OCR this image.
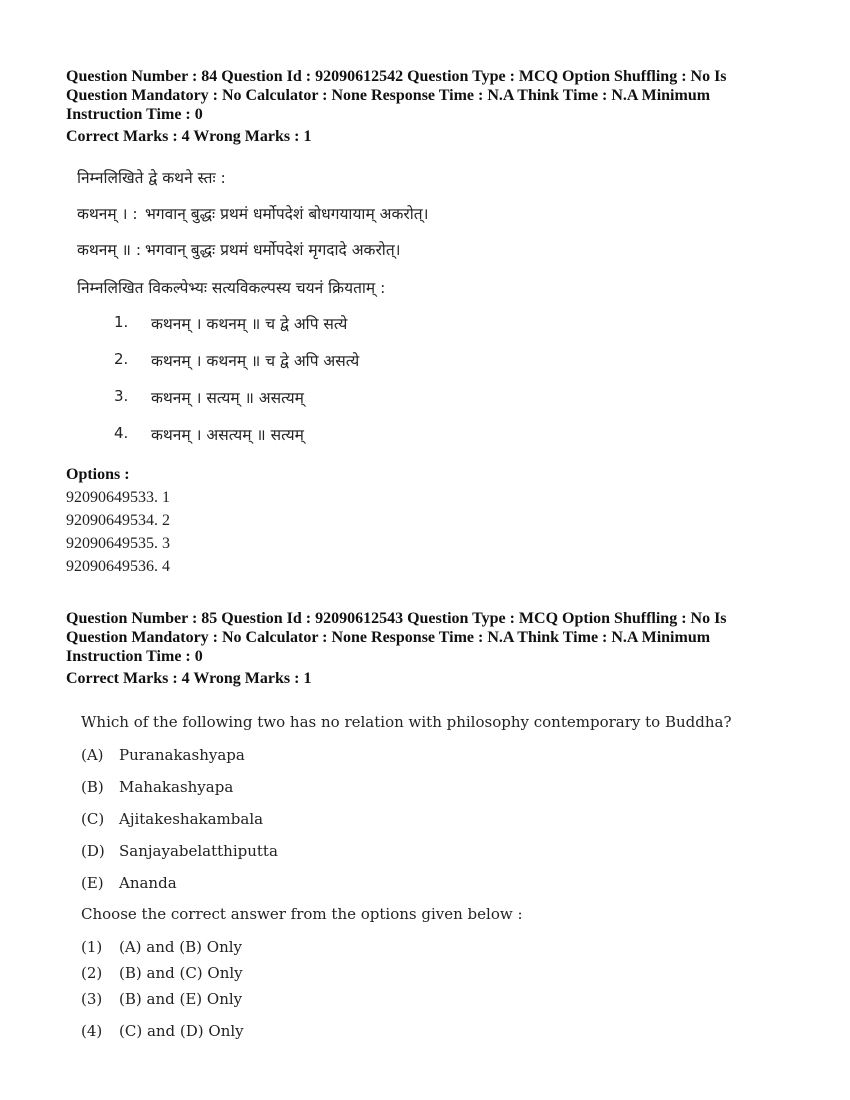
Question Number : 84 Question Id : 92090612542 Question Type : MCQ Option Shuffling : No Is
Question Mandatory : No Calculator : None Response Time : N.A Think Time : N.A Minimum
Instruction Time : 0
Correct Marks : 4 Wrong Marks : 1
निम्नलिखिते द्वे कथने स्तः :
कथनम् । : भगवान् बुद्धः प्रथमं धर्मोपदेशं बोधगयायाम् अकरोत्।
कथनम् ॥ : भगवान् बुद्धः प्रथमं धर्मोपदेशं मृगदादे अकरोत्।
निम्नलिखित विकल्पेभ्यः सत्यविकल्पस्य चयनं क्रियताम् :
1. कथनम् । कथनम् ॥ च द्वे अपि सत्ये
2. कथनम् । कथनम् ॥ च द्वे अपि असत्ये
3. कथनम् । सत्यम् ॥ असत्यम्
4. कथनम् । असत्यम् ॥ सत्यम्
Options :
92090649533. 1
92090649534. 2
92090649535. 3
92090649536. 4
Question Number : 85 Question Id : 92090612543 Question Type : MCQ Option Shuffling : No Is
Question Mandatory : No Calculator : None Response Time : N.A Think Time : N.A Minimum
Instruction Time : 0
Correct Marks : 4 Wrong Marks : 1
Which of the following two has no relation with philosophy contemporary to Buddha?
(A) Puranakashyapa
(B) Mahakashyapa
(C) Ajitakeshakambala
(D) Sanjayabelatthiputta
(E) Ananda
Choose the correct answer from the options given below :
(1) (A) and (B) Only
(2) (B) and (C) Only
(3) (B) and (E) Only
(4) (C) and (D) Only
